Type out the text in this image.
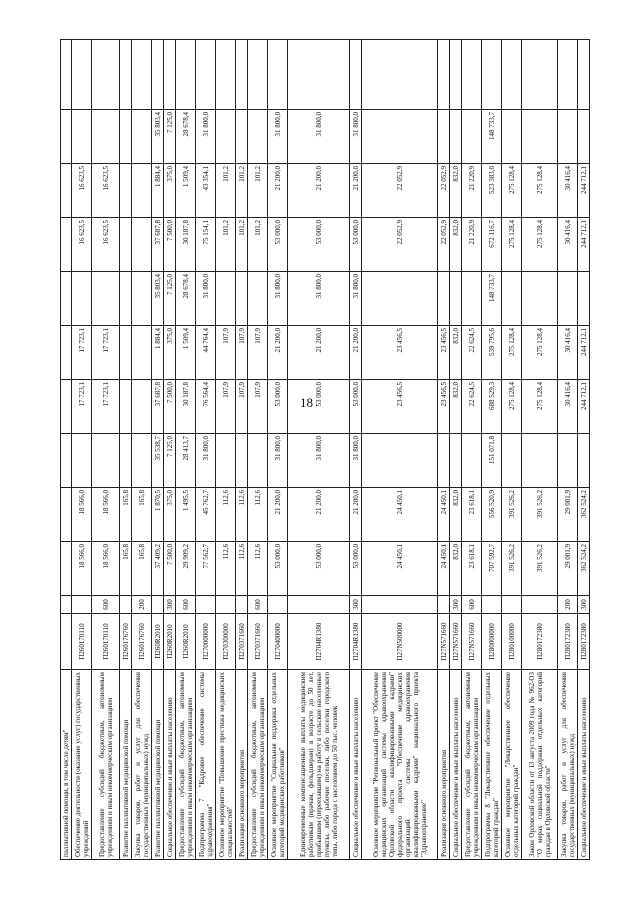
18
паллиативной помощи, в том числе детям"												
Обеспечение деятельности (оказание услуг) государственных учреждений	П260170110		18 566,0	18 566,0		17 723,1	17 723,1		16 623,5	16 623,5		
Предоставление субсидий бюджетным, автономным учреждениям и иным некоммерческим организациям	П260170110	600	18 566,0	18 566,0		17 723,1	17 723,1		16 623,5	16 623,5		
Развитие паллиативной медицинской помощи	П260176760		165,8	165,8								
Закупка товаров, работ и услуг для обеспечения государственных (муниципальных) нужд	П260176760	200	165,8	165,8								
Развитие паллиативной медицинской помощи	П260R2010		37 409,2	1 870,5	35 538,7	37 687,8	1 884,4	35 803,4	37 687,8	1 884,4	35 803,4	
Социальное обеспечение и иные выплаты населению	П260R2010	300	7 500,0	375,0	7 125,0	7 500,0	375,0	7 125,0	7 500,0	375,0	7 125,0	
Предоставление субсидий бюджетным, автономным учреждениям и иным некоммерческим организациям	П260R2010	600	29 909,2	1 495,5	28 413,7	30 187,8	1 509,4	28 678,4	30 187,8	1 509,4	28 678,4	
Подпрограмма 7 "Кадровое обеспечение системы здравоохранения"	П270000000		77 562,7	45 762,7	31 800,0	76 564,4	44 764,4	31 800,0	75 154,1	43 354,1	31 800,0	
Основное мероприятие "Повышение престижа медицинских специальностей"	П270300000		112,6	112,6		107,9	107,9		101,2	101,2		
Реализация основного мероприятия	П270371660		112,6	112,6		107,9	107,9		101,2	101,2		
Предоставление субсидий бюджетным, автономным учреждениям и иным некоммерческим организациям	П270371660	600	112,6	112,6		107,9	107,9		101,2	101,2		
Основное мероприятие "Социальная поддержка отдельных категорий медицинских работников"	П270400000		53 000,0	21 200,0	31 800,0	53 000,0	21 200,0	31 800,0	53 000,0	21 200,0	31 800,0	
Единовременные компенсационные выплаты медицинским работникам (врачам, фельдшерам) в возрасте до 50 лет, прибывшим (переехавшим) на работу в сельские населенные пункты, либо рабочие поселки, либо поселки городского типа, либо города с населением до 50 тыс. человек	П2704R1380		53 000,0	21 200,0	31 800,0	53 000,0	21 200,0	31 800,0	53 000,0	21 200,0	31 800,0	
Социальное обеспечение и иные выплаты населению	П2704R1380	300	53 000,0	21 200,0	31 800,0	53 000,0	21 200,0	31 800,0	53 000,0	21 200,0	31 800,0	
Основное мероприятие "Региональный проект "Обеспечение медицинских организаций системы здравоохранения Орловской области квалифицированными кадрами" федерального проекта "Обеспечение медицинских организаций системы здравоохранения квалифицированными кадрами" национального проекта "Здравоохранение"	П27N500000		24 450,1	24 450,1		23 456,5	23 456,5		22 052,9	22 052,9		
Реализация основного мероприятия	П27N571660		24 450,1	24 450,1		23 456,5	23 456,5		22 052,9	22 052,9		
Социальное обеспечение и иные выплаты населению	П27N571660	300	832,0	832,0		832,0	832,0		832,0	832,0		
Предоставление субсидий бюджетным, автономным учреждениям и иным некоммерческим организациям	П27N571660	600	23 618,1	23 618,1		22 624,5	22 624,5		21 220,9	21 220,9		
Подпрограмма 8 "Лекарственное обеспечение отдельных категорий граждан"	П280000000		707 592,7	556 520,9	151 071,8	688 529,3	539 795,6	148 733,7	672 116,7	523 383,0	148 733,7	
Основное мероприятие "Лекарственное обеспечение отдельных категорий граждан"	П280100000		391 526,2	391 526,2		275 128,4	275 128,4		275 128,4	275 128,4		
Закон Орловской области от 13 августа 2009 года № 962-ОЗ "О мерах социальной поддержки отдельных категорий граждан в Орловской области"	П280172380		391 526,2	391 526,2		275 128,4	275 128,4		275 128,4	275 128,4		
Закупка товаров, работ и услуг для обеспечения государственных (муниципальных) нужд	П280172380	200	29 001,9	29 001,9		30 416,4	30 416,4		30 416,4	30 416,4		
Социальное обеспечение и иные выплаты населению	П280172380	300	362 524,2	362 524,2		244 712,1	244 712,1		244 712,1	244 712,1		
